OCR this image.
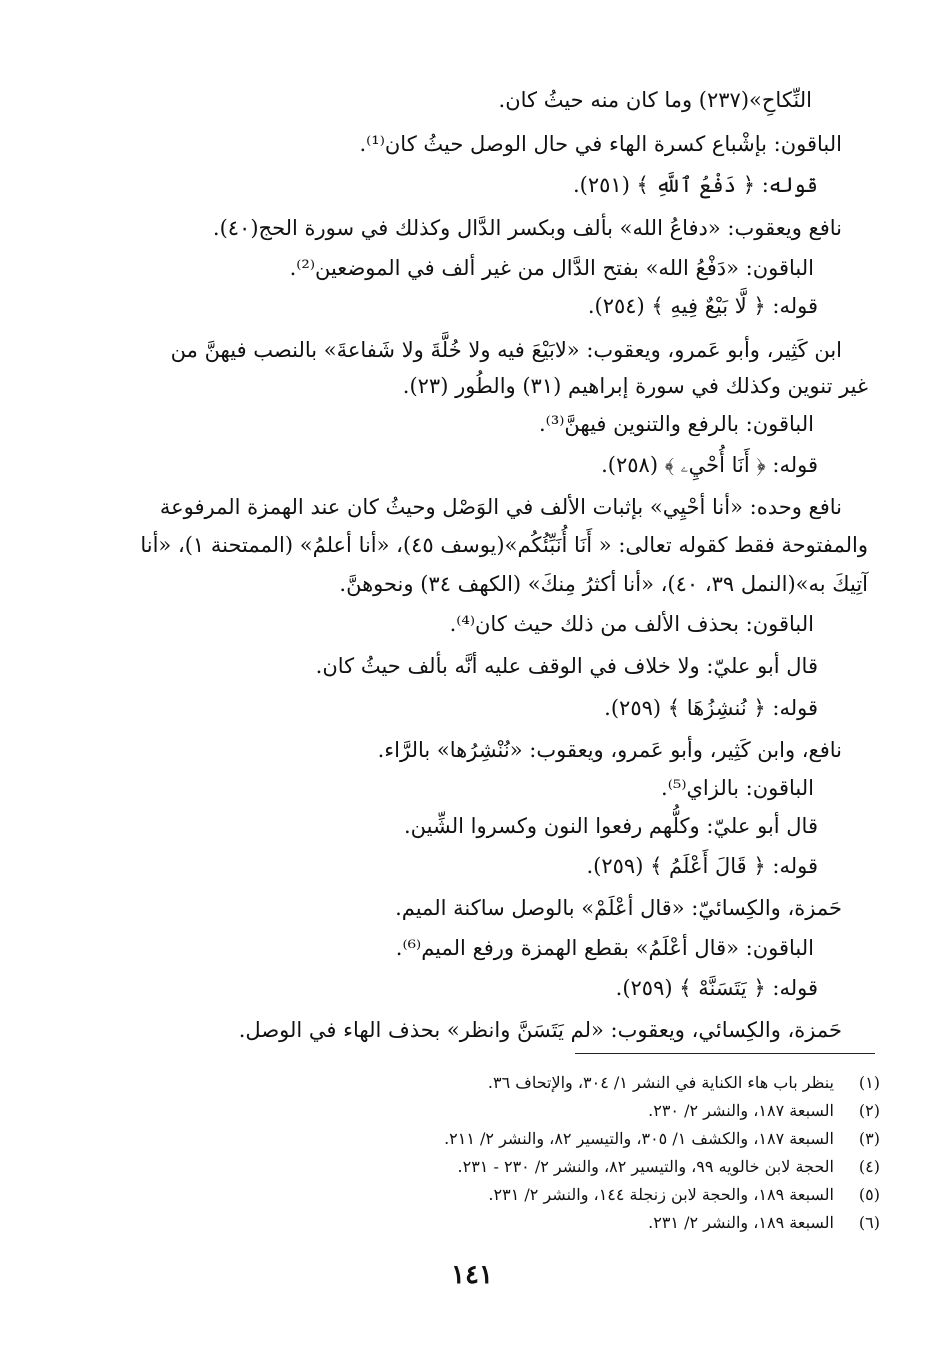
النِّكاحِ»(٢٣٧) وما كان منه حيثُ كان.
الباقون: بإشْباع كسرة الهاء في حال الوصل حيثُ كان⁽¹⁾.
قوله: ﴿ دَفْعُ ٱللَّهِ ﴾ (٢٥١).
نافع ويعقوب: «دفاعُ الله» بألف وبكسر الدَّال وكذلك في سورة الحج(٤٠).
الباقون: «دَفْعُ الله» بفتح الدَّال من غير ألف في الموضعين⁽²⁾.
قوله: ﴿ لَّا بَيْعٌ فِيهِ ﴾ (٢٥٤).
ابن كَثِير، وأبو عَمرو، ويعقوب: «لابَيْعَ فيه ولا خُلَّةَ ولا شَفاعةَ» بالنصب فيهنَّ من
غير تنوين وكذلك في سورة إبراهيم (٣١) والطُور (٢٣).
الباقون: بالرفع والتنوين فيهنَّ⁽³⁾.
قوله: ﴿ أَنَا أُحْيِۦ ﴾ (٢٥٨).
نافع وحده: «أنا أحْيِي» بإثبات الألف في الوَصْل وحيثُ كان عند الهمزة المرفوعة
والمفتوحة فقط كقوله تعالى: « أَنَا أُنَبِّئُكُم»(يوسف ٤٥)، «أنا أعلمُ» (الممتحنة ١)، «أنا
آتِيكَ به»(النمل ٣٩، ٤٠)، «أنا أكثرُ مِنكَ» (الكهف ٣٤) ونحوهنَّ.
الباقون: بحذف الألف من ذلك حيث كان⁽⁴⁾.
قال أبو عليّ: ولا خلاف في الوقف عليه أنَّه بألف حيثُ كان.
قوله: ﴿ نُنشِزُهَا ﴾ (٢٥٩).
نافع، وابن كَثِير، وأبو عَمرو، ويعقوب: «نُنْشِرُها» بالرَّاء.
الباقون: بالزاي⁽⁵⁾.
قال أبو عليّ: وكلُّهم رفعوا النون وكسروا الشِّين.
قوله: ﴿ قَالَ أَعْلَمُ ﴾ (٢٥٩).
حَمزة، والكِسائيّ: «قال أعْلَمْ» بالوصل ساكنة الميم.
الباقون: «قال أعْلَمُ» بقطع الهمزة ورفع الميم⁽⁶⁾.
قوله: ﴿ يَتَسَنَّهْ ﴾ (٢٥٩).
حَمزة، والكِسائي، ويعقوب: «لم يَتَسَنَّ وانظر» بحذف الهاء في الوصل.
(١)ينظر باب هاء الكناية في النشر ١/ ٣٠٤، والإتحاف ٣٦.
(٢)السبعة ١٨٧، والنشر ٢/ ٢٣٠.
(٣)السبعة ١٨٧، والكشف ١/ ٣٠٥، والتيسير ٨٢، والنشر ٢/ ٢١١.
(٤)الحجة لابن خالويه ٩٩، والتيسير ٨٢، والنشر ٢/ ٢٣٠ - ٢٣١.
(٥)السبعة ١٨٩، والحجة لابن زنجلة ١٤٤، والنشر ٢/ ٢٣١.
(٦)السبعة ١٨٩، والنشر ٢/ ٢٣١.
١٤١
